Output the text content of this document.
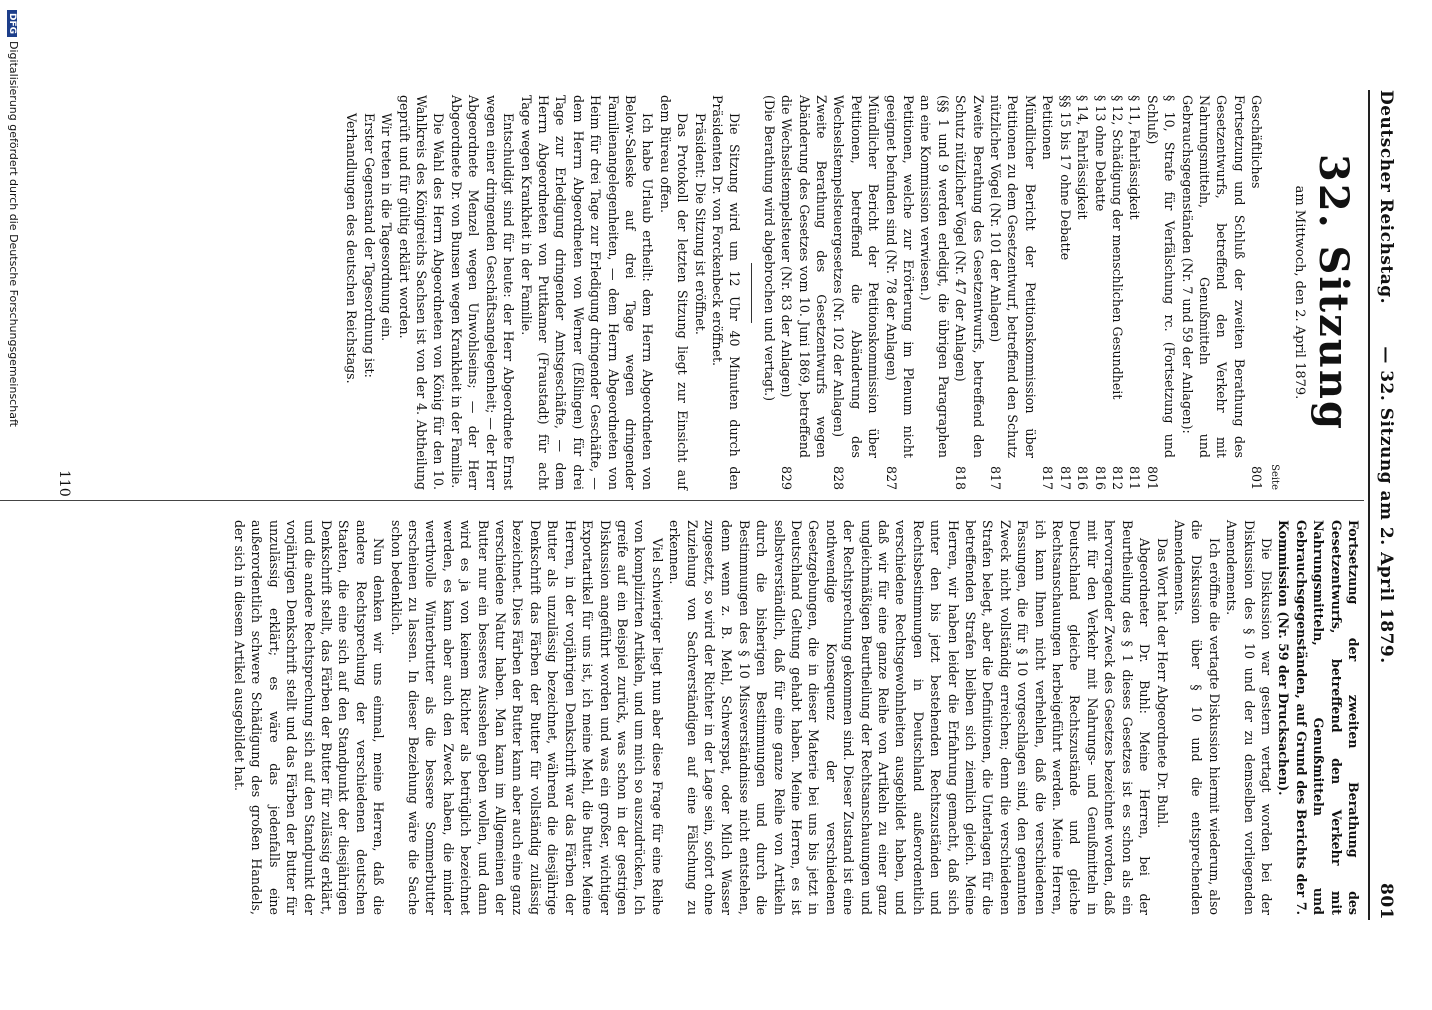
Deutscher Reichstag.
— 32. Sitzung am 2. April 1879.
801
32. Sitzung
am Mittwoch, den 2. April 1879.
Seite
Geschäftliches
801
Fortsetzung und Schluß der zweiten Berathung des Gesetzentwurfs, betreffend den Verkehr mit Nahrungsmitteln, Genußmitteln und Gebrauchsgegenständen (Nr. 7 und 59 der Anlagen):
§ 10, Strafe für Verfälschung rc. (Fortsetzung und Schluß)
801
§ 11, Fahrlässigkeit
811
§ 12, Schädigung der menschlichen Gesundheit
812
§ 13 ohne Debatte
816
§ 14, Fahrlässigkeit
816
§§ 15 bis 17 ohne Debatte
817
Petitionen
817
Mündlicher Bericht der Petitionskommission über Petitionen zu dem Gesetzentwurf, betreffend den Schutz nützlicher Vögel (Nr. 101 der Anlagen)
817
Zweite Berathung des Gesetzentwurfs, betreffend den Schutz nützlicher Vögel (Nr. 47 der Anlagen)
818
(§§ 1 und 9 werden erledigt, die übrigen Paragraphen an eine Kommission verwiesen.)
Petitionen, welche zur Erörterung im Plenum nicht geeignet befunden sind (Nr. 78 der Anlagen)
827
Mündlicher Bericht der Petitionskommission über Petitionen, betreffend die Abänderung des Wechselstempelsteuergesetzes (Nr. 102 der Anlagen)
828
Zweite Berathung des Gesetzentwurfs wegen Abänderung des Gesetzes vom 10. Juni 1869, betreffend die Wechselstempelsteuer (Nr. 83 der Anlagen)
829
(Die Berathung wird abgebrochen und vertagt.)

Die Sitzung wird um 12 Uhr 40 Minuten durch den Präsidenten Dr. von Forckenbeck eröffnet.

Präsident: Die Sitzung ist eröffnet.

Das Protokoll der letzten Sitzung liegt zur Einsicht auf dem Büreau offen.

Ich habe Urlaub ertheilt: dem Herrn Abgeordneten von Below-Saleske auf drei Tage wegen dringender Familienangelegenheiten, — dem Herrn Abgeordneten von Heim für drei Tage zur Erledigung dringender Geschäfte, — dem Herrn Abgeordneten von Werner (Eßlingen) für drei Tage zur Erledigung dringender Amtsgeschäfte, — dem Herrn Abgeordneten von Puttkamer (Fraustadt) für acht Tage wegen Krankheit in der Familie.

Entschuldigt sind für heute: der Herr Abgeordnete Ernst wegen einer dringenden Geschäftsangelegenheit; — der Herr Abgeordnete Menzel wegen Unwohlseins; — der Herr Abgeordnete Dr. von Bunsen wegen Krankheit in der Familie.

Die Wahl des Herrn Abgeordneten von König für den 10. Wahlkreis des Königreichs Sachsen ist von der 4. Abtheilung geprüft und für gültig erklärt worden.

Wir treten in die Tagesordnung ein.

Erster Gegenstand der Tagesordnung ist:

Verhandlungen des deutschen Reichstags.

Fortsetzung der zweiten Berathung des Gesetzentwurfs, betreffend den Verkehr mit Nahrungsmitteln, Genußmitteln und Gebrauchsgegenständen, auf Grund des Berichts der 7. Kommission (Nr. 59 der Drucksachen).

Die Diskussion war gestern vertagt worden bei der Diskussion des § 10 und der zu demselben vorliegenden Amendements.

Ich eröffne die vertagte Diskussion hiermit wiederum, also die Diskussion über § 10 und die entsprechenden Amendements.

Das Wort hat der Herr Abgeordnete Dr. Buhl.

Abgeordneter Dr. Buhl: Meine Herren, bei der Beurtheilung des § 1 dieses Gesetzes ist es schon als ein hervorragender Zweck des Gesetzes bezeichnet worden, daß mit für den Verkehr mit Nahrungs- und Genußmitteln in Deutschland gleiche Rechtszustände und gleiche Rechtsanschauungen herbeigeführt werden. Meine Herren, ich kann Ihnen nicht verhehlen, daß die verschiedenen Fassungen, die für § 10 vorgeschlagen sind, den genannten Zweck nicht vollständig erreichen; denn die verschiedenen Strafen belegt, aber die Definitionen, die Unterlagen für die betreffenden Strafen bleiben sich ziemlich gleich. Meine Herren, wir haben leider die Erfahrung gemacht, daß sich unter den bis jetzt bestehenden Rechtszuständen und Rechtsbestimmungen in Deutschland außerordentlich verschiedene Rechtsgewohnheiten ausgebildet haben, und daß wir für eine ganze Reihe von Artikeln zu einer ganz ungleichmäßigen Beurtheilung der Rechtsanschauungen und der Rechtsprechung gekommen sind. Dieser Zustand ist eine nothwendige Konsequenz der verschiedenen Gesetzgebungen, die in dieser Materie bei uns bis jetzt in Deutschland Geltung gehabt haben. Meine Herren, es ist selbstverständlich, daß für eine ganze Reihe von Artikeln durch die bisherigen Bestimmungen und durch die Bestimmungen des § 10 Missverständnisse nicht entstehen, denn wenn z. B. Mehl, Schwerspat, oder Milch Wasser zugesetzt, so wird der Richter in der Lage sein, sofort ohne Zuziehung von Sachverständigen auf eine Fälschung zu erkennen.

Viel schwieriger liegt nun aber diese Frage für eine Reihe von komplizirten Artikeln, und um mich so auszudrücken, Ich greife auf ein Beispiel zurück, was schon in der gestrigen Diskussion angeführt worden und was ein großer, wichtiger Exportartikel für uns ist, ich meine Mehl, die Butter. Meine Herren, in der vorjährigen Denkschrift war das Färben der Butter als unzulässig bezeichnet, während die diesjährige Denkschrift das Färben der Butter für vollständig zulässig bezeichnet. Dies Färben der Butter kann aber auch eine ganz verschiedene Natur haben. Man kann im Allgemeinen der Butter nur ein besseres Aussehen geben wollen, und dann wird es ja von keinem Richter als betrüglich bezeichnet werden, es kann aber auch den Zweck haben, die minder werthvolle Winterbutter als die bessere Sommerbutter erscheinen zu lassen. In dieser Beziehung wäre die Sache schon bedenklich.

Nun denken wir uns einmal, meine Herren, daß die andere Rechtsprechung der verschiedenen deutschen Staaten, die eine sich auf den Standpunkt der diesjährigen Denkschrift stellt, das Färben der Butter für zulässig erklärt, und die andere Rechtsprechung sich auf den Standpunkt der vorjährigen Denkschrift stellt und das Färben der Butter für unzulässig erklärt; es wäre das jedenfalls eine außerordentlich schwere Schädigung des großen Handels, der sich in diesem Artikel ausgebildet hat.

110
DFGDigitalisierung gefördert durch die Deutsche Forschungsgemeinschaft
